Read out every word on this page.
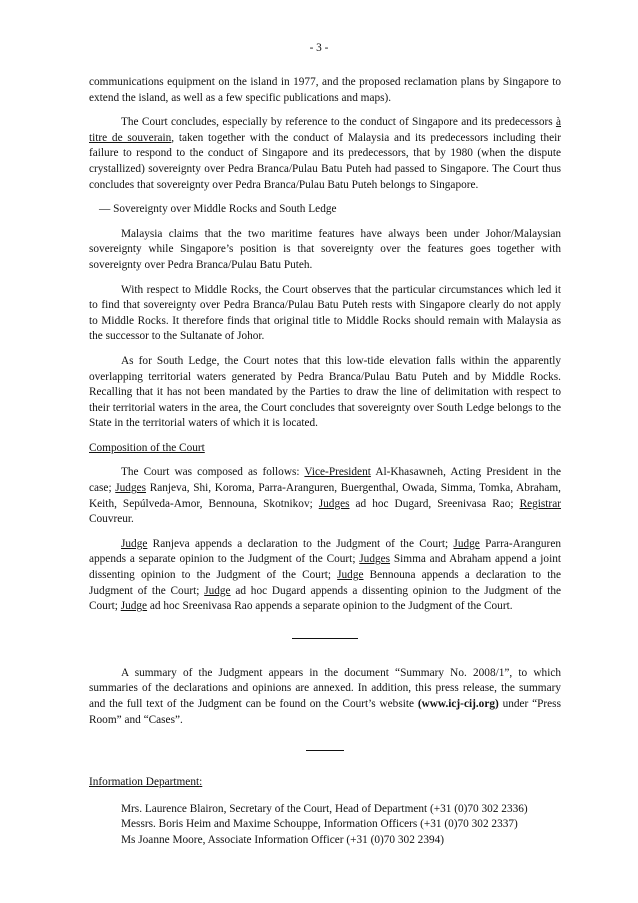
- 3 -

communications equipment on the island in 1977, and the proposed reclamation plans by Singapore to extend the island, as well as a few specific publications and maps).

The Court concludes, especially by reference to the conduct of Singapore and its predecessors à titre de souverain, taken together with the conduct of Malaysia and its predecessors including their failure to respond to the conduct of Singapore and its predecessors, that by 1980 (when the dispute crystallized) sovereignty over Pedra Branca/Pulau Batu Puteh had passed to Singapore. The Court thus concludes that sovereignty over Pedra Branca/Pulau Batu Puteh belongs to Singapore.

— Sovereignty over Middle Rocks and South Ledge

Malaysia claims that the two maritime features have always been under Johor/Malaysian sovereignty while Singapore’s position is that sovereignty over the features goes together with sovereignty over Pedra Branca/Pulau Batu Puteh.

With respect to Middle Rocks, the Court observes that the particular circumstances which led it to find that sovereignty over Pedra Branca/Pulau Batu Puteh rests with Singapore clearly do not apply to Middle Rocks. It therefore finds that original title to Middle Rocks should remain with Malaysia as the successor to the Sultanate of Johor.

As for South Ledge, the Court notes that this low-tide elevation falls within the apparently overlapping territorial waters generated by Pedra Branca/Pulau Batu Puteh and by Middle Rocks. Recalling that it has not been mandated by the Parties to draw the line of delimitation with respect to their territorial waters in the area, the Court concludes that sovereignty over South Ledge belongs to the State in the territorial waters of which it is located.

Composition of the Court

The Court was composed as follows: Vice-President Al-Khasawneh, Acting President in the case; Judges Ranjeva, Shi, Koroma, Parra-Aranguren, Buergenthal, Owada, Simma, Tomka, Abraham, Keith, Sepúlveda-Amor, Bennouna, Skotnikov; Judges ad hoc Dugard, Sreenivasa Rao; Registrar Couvreur.

Judge Ranjeva appends a declaration to the Judgment of the Court; Judge Parra-Aranguren appends a separate opinion to the Judgment of the Court; Judges Simma and Abraham append a joint dissenting opinion to the Judgment of the Court; Judge Bennouna appends a declaration to the Judgment of the Court; Judge ad hoc Dugard appends a dissenting opinion to the Judgment of the Court; Judge ad hoc Sreenivasa Rao appends a separate opinion to the Judgment of the Court.

A summary of the Judgment appears in the document “Summary No. 2008/1”, to which summaries of the declarations and opinions are annexed. In addition, this press release, the summary and the full text of the Judgment can be found on the Court’s website (www.icj-cij.org) under “Press Room” and “Cases”.

Information Department:

Mrs. Laurence Blairon, Secretary of the Court, Head of Department (+31 (0)70 302 2336)
Messrs. Boris Heim and Maxime Schouppe, Information Officers (+31 (0)70 302 2337)
Ms Joanne Moore, Associate Information Officer (+31 (0)70 302 2394)
